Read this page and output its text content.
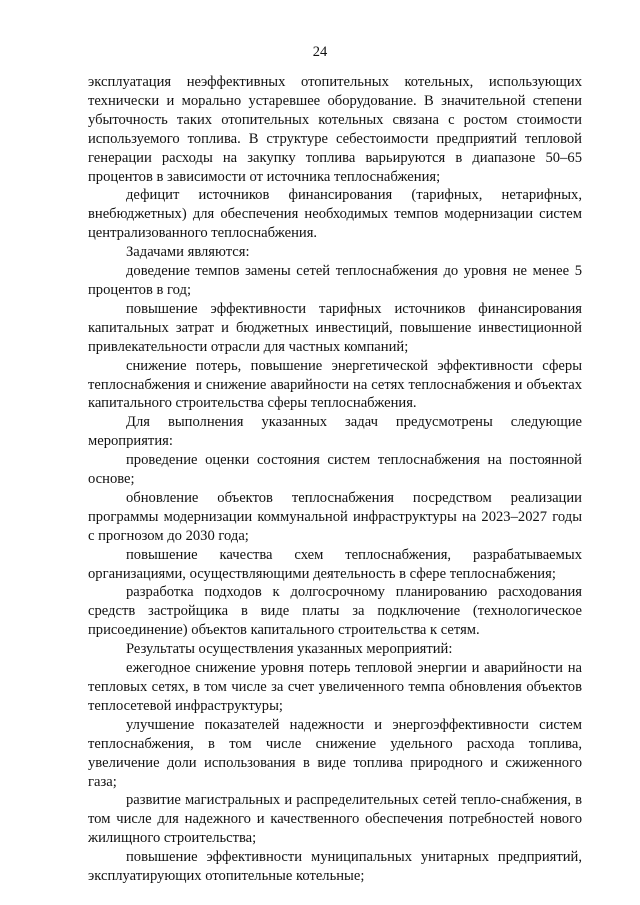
24

эксплуатация неэффективных отопительных котельных, использующих технически и морально устаревшее оборудование. В значительной степени убыточность таких отопительных котельных связана с ростом стоимости используемого топлива. В структуре себестоимости предприятий тепловой генерации расходы на закупку топлива варьируются в диапазоне 50–65 процентов в зависимости от источника теплоснабжения;

дефицит источников финансирования (тарифных, нетарифных, внебюджетных) для обеспечения необходимых темпов модернизации систем централизованного теплоснабжения.

Задачами являются:

доведение темпов замены сетей теплоснабжения до уровня не менее 5 процентов в год;

повышение эффективности тарифных источников финансирования капитальных затрат и бюджетных инвестиций, повышение инвестиционной привлекательности отрасли для частных компаний;

снижение потерь, повышение энергетической эффективности сферы теплоснабжения и снижение аварийности на сетях теплоснабжения и объектах капитального строительства сферы теплоснабжения.

Для выполнения указанных задач предусмотрены следующие мероприятия:

проведение оценки состояния систем теплоснабжения на постоянной основе;

обновление объектов теплоснабжения посредством реализации программы модернизации коммунальной инфраструктуры на 2023–2027 годы с прогнозом до 2030 года;

повышение качества схем теплоснабжения, разрабатываемых организациями, осуществляющими деятельность в сфере теплоснабжения;

разработка подходов к долгосрочному планированию расходования средств застройщика в виде платы за подключение (технологическое присоединение) объектов капитального строительства к сетям.

Результаты осуществления указанных мероприятий:

ежегодное снижение уровня потерь тепловой энергии и аварийности на тепловых сетях, в том числе за счет увеличенного темпа обновления объектов теплосетевой инфраструктуры;

улучшение показателей надежности и энергоэффективности систем теплоснабжения, в том числе снижение удельного расхода топлива, увеличение доли использования в виде топлива природного и сжиженного газа;

развитие магистральных и распределительных сетей тепло-снабжения, в том числе для надежного и качественного обеспечения потребностей нового жилищного строительства;

повышение эффективности муниципальных унитарных предприятий, эксплуатирующих отопительные котельные;
